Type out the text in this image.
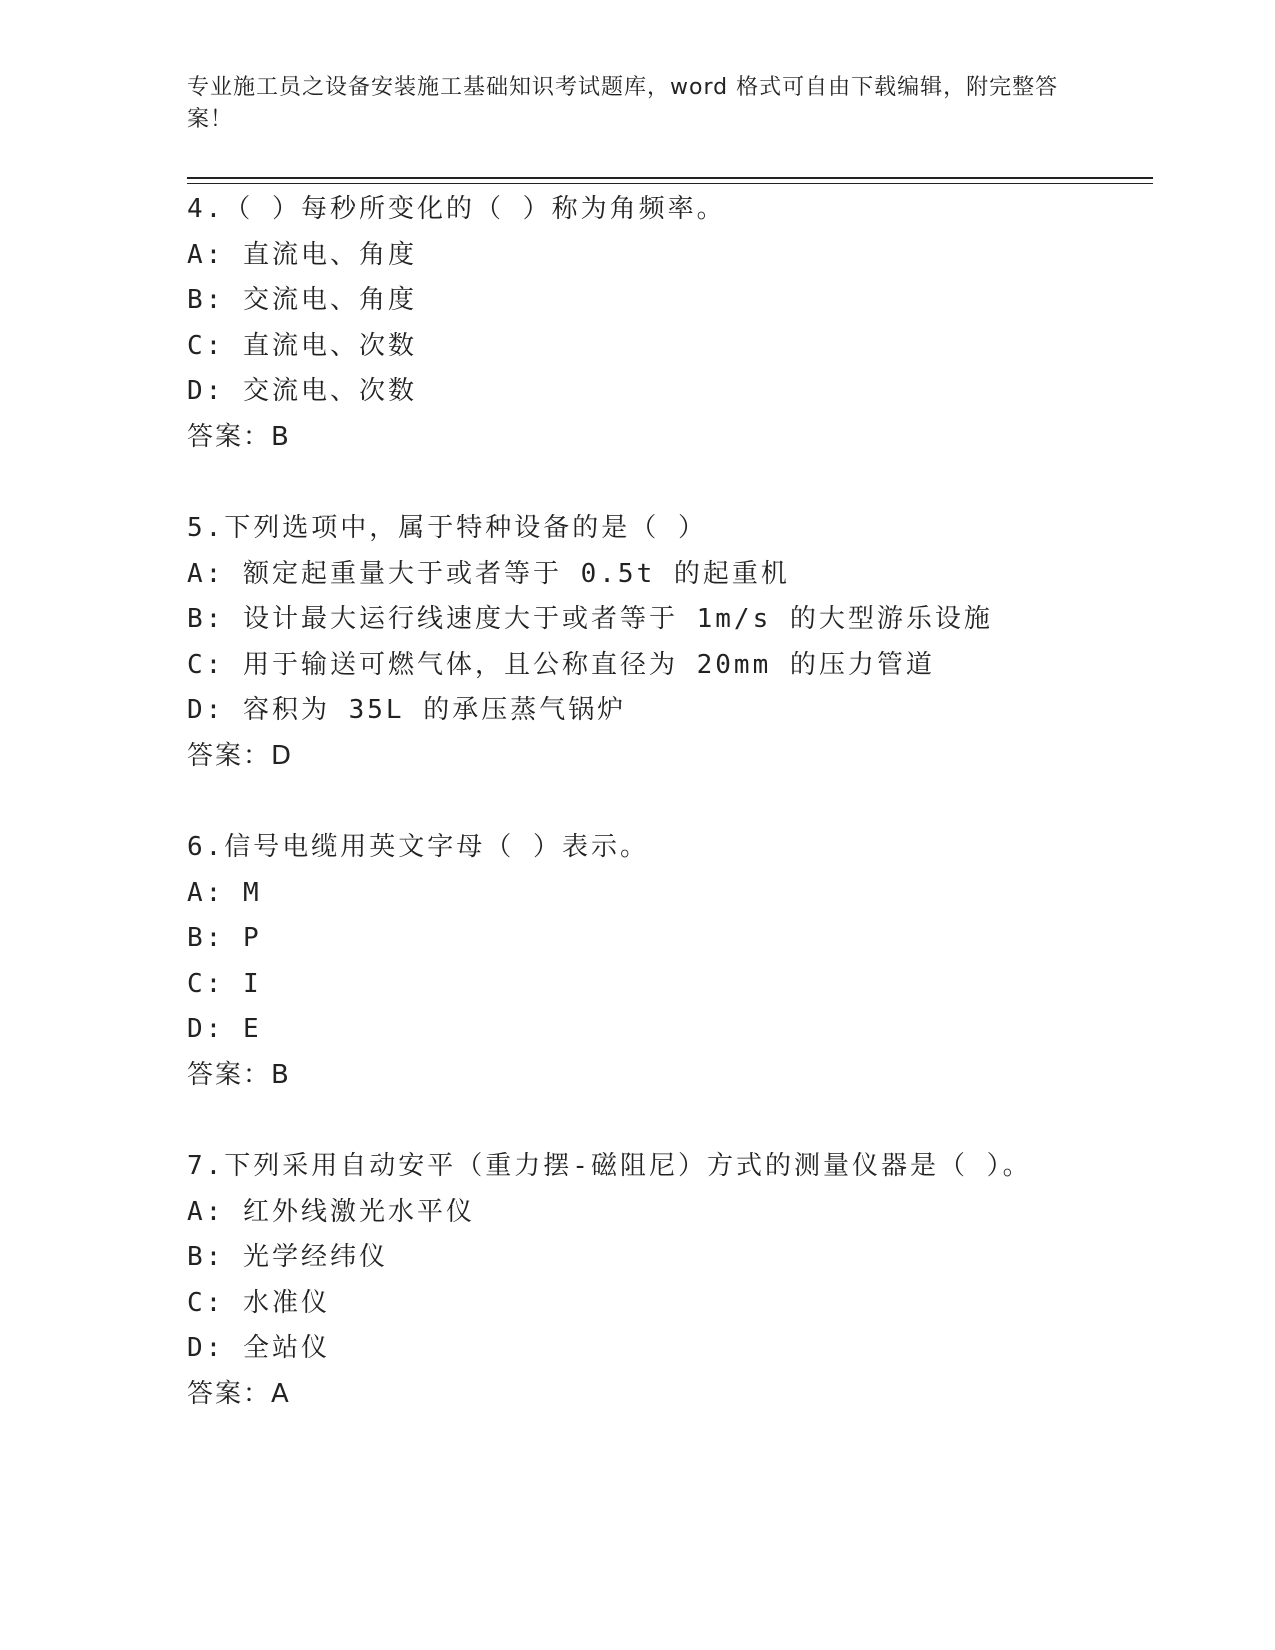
专业施工员之设备安装施工基础知识考试题库，word 格式可自由下载编辑，附完整答案！
4.（ ）每秒所变化的（ ）称为角频率。
A: 直流电、角度
B: 交流电、角度
C: 直流电、次数
D: 交流电、次数
答案：B
5.下列选项中，属于特种设备的是（ ）
A: 额定起重量大于或者等于 0.5t 的起重机
B: 设计最大运行线速度大于或者等于 1m/s 的大型游乐设施
C: 用于输送可燃气体，且公称直径为 20mm 的压力管道
D: 容积为 35L 的承压蒸气锅炉
答案：D
6.信号电缆用英文字母（ ）表示。
A: M
B: P
C: I
D: E
答案：B
7.下列采用自动安平（重力摆-磁阻尼）方式的测量仪器是（ ）。
A: 红外线激光水平仪
B: 光学经纬仪
C: 水准仪
D: 全站仪
答案：A
